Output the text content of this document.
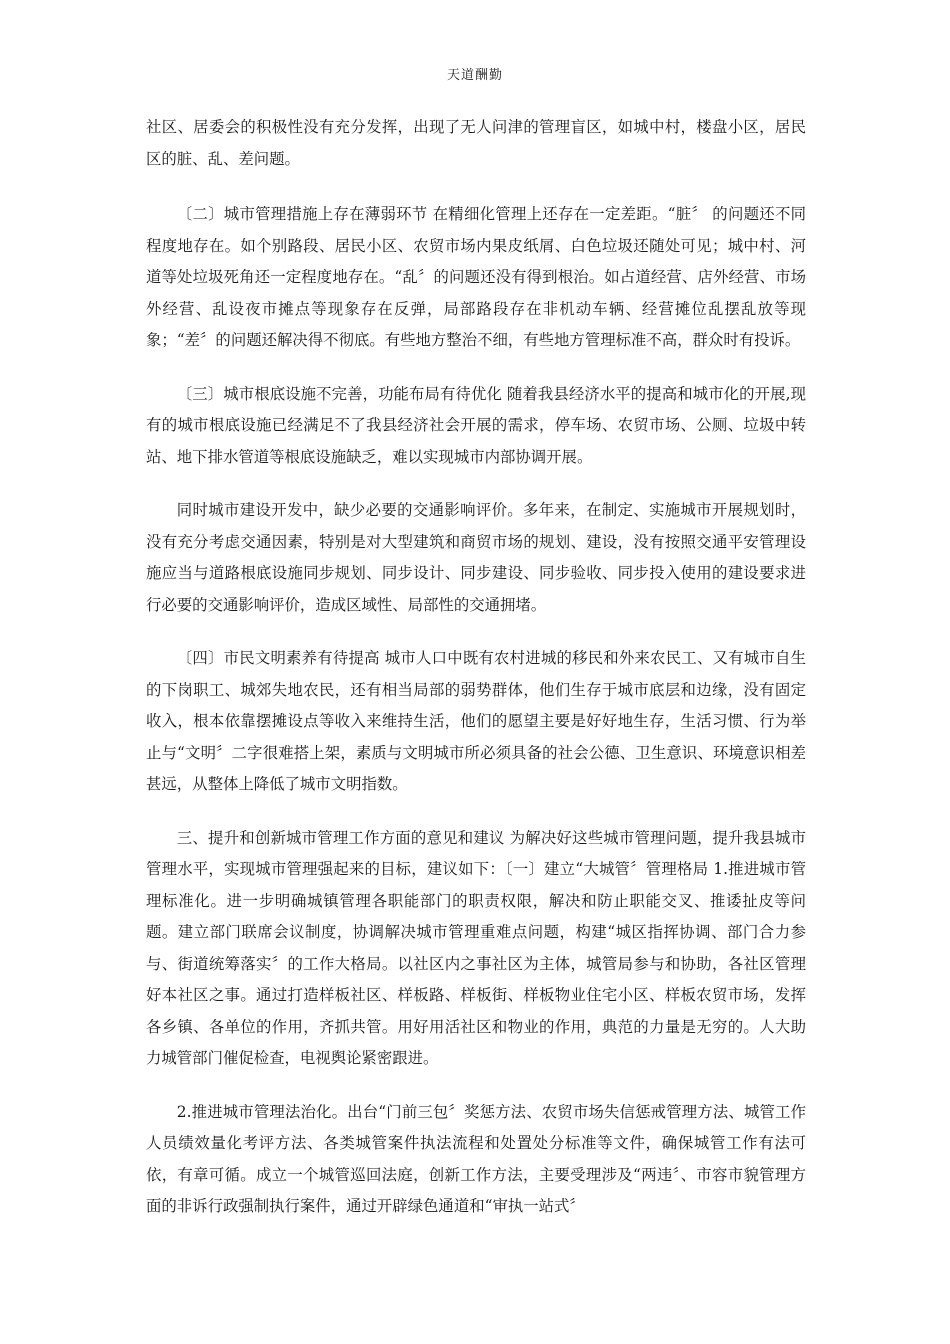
天道酬勤

社区、居委会的积极性没有充分发挥，出现了无人问津的管理盲区，如城中村，楼盘小区，居民区的脏、乱、差问题。

〔二〕城市管理措施上存在薄弱环节 在精细化管理上还存在一定差距。“脏〞 的问题还不同程度地存在。如个别路段、居民小区、农贸市场内果皮纸屑、白色垃圾还随处可见；城中村、河道等处垃圾死角还一定程度地存在。“乱〞的问题还没有得到根治。如占道经营、店外经营、市场外经营、乱设夜市摊点等现象存在反弹，局部路段存在非机动车辆、经营摊位乱摆乱放等现象；“差〞的问题还解决得不彻底。有些地方整治不细，有些地方管理标准不高，群众时有投诉。

〔三〕城市根底设施不完善，功能布局有待优化 随着我县经济水平的提高和城市化的开展,现有的城市根底设施已经满足不了我县经济社会开展的需求，停车场、农贸市场、公厕、垃圾中转站、地下排水管道等根底设施缺乏，难以实现城市内部协调开展。

同时城市建设开发中，缺少必要的交通影响评价。多年来，在制定、实施城市开展规划时，没有充分考虑交通因素，特别是对大型建筑和商贸市场的规划、建设，没有按照交通平安管理设施应当与道路根底设施同步规划、同步设计、同步建设、同步验收、同步投入使用的建设要求进行必要的交通影响评价，造成区域性、局部性的交通拥堵。

〔四〕市民文明素养有待提高 城市人口中既有农村进城的移民和外来农民工、又有城市自生的下岗职工、城郊失地农民，还有相当局部的弱势群体，他们生存于城市底层和边缘，没有固定收入，根本依靠摆摊设点等收入来维持生活，他们的愿望主要是好好地生存，生活习惯、行为举止与“文明〞二字很难搭上架，素质与文明城市所必须具备的社会公德、卫生意识、环境意识相差甚远，从整体上降低了城市文明指数。

三、提升和创新城市管理工作方面的意见和建议 为解决好这些城市管理问题，提升我县城市管理水平，实现城市管理强起来的目标，建议如下：〔一〕建立“大城管〞管理格局 1.推进城市管理标准化。进一步明确城镇管理各职能部门的职责权限，解决和防止职能交叉、推诿扯皮等问题。建立部门联席会议制度，协调解决城市管理重难点问题，构建“城区指挥协调、部门合力参与、街道统筹落实〞的工作大格局。以社区内之事社区为主体，城管局参与和协助，各社区管理好本社区之事。通过打造样板社区、样板路、样板街、样板物业住宅小区、样板农贸市场，发挥各乡镇、各单位的作用，齐抓共管。用好用活社区和物业的作用，典范的力量是无穷的。人大助力城管部门催促检查，电视舆论紧密跟进。

2.推进城市管理法治化。出台“门前三包〞奖惩方法、农贸市场失信惩戒管理方法、城管工作人员绩效量化考评方法、各类城管案件执法流程和处置处分标准等文件，确保城管工作有法可依，有章可循。成立一个城管巡回法庭，创新工作方法，主要受理涉及“两违〞、市容市貌管理方面的非诉行政强制执行案件，通过开辟绿色通道和“审执一站式〞
